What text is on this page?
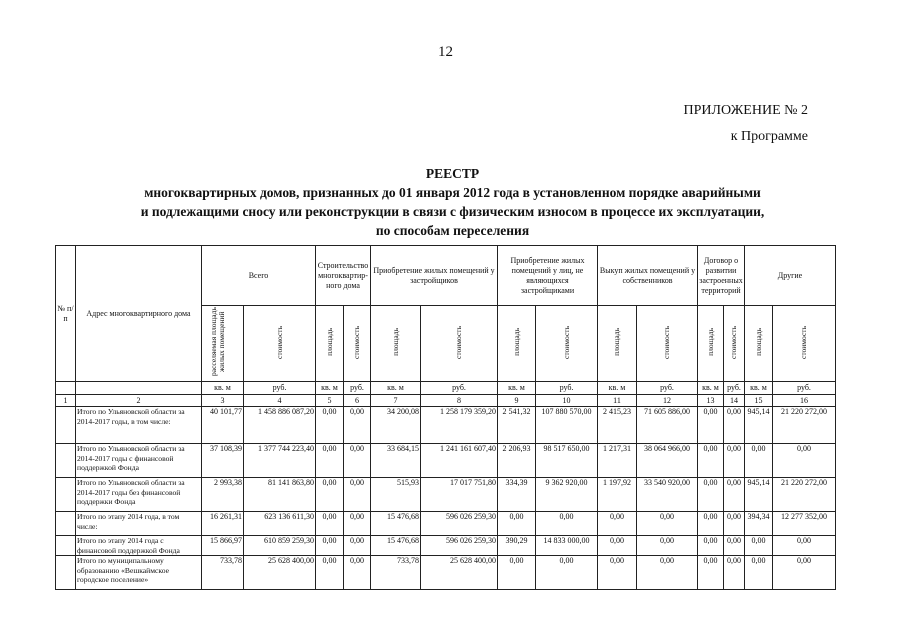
12
ПРИЛОЖЕНИЕ № 2
к Программе
РЕЕСТР
многоквартирных домов, признанных до 01 января 2012 года в установленном порядке аварийными
и подлежащими сносу или реконструкции в связи с физическим износом в процессе их эксплуатации,
по способам переселения
№ п/п	Адрес многоквартирного дома	Всего		Строительство многоквартир-ного дома		Приобретение жилых помещений у застройщиков		Приобретение жилых помещений у лиц, не являющихся застройщиками		Выкуп жилых помещений у собственников		Договор о развитии застроенных территорий		Другие	
		расселяемая площадь жилых помещений	стоимость	площадь	стоимость	площадь	стоимость	площадь	стоимость	площадь	стоимость	площадь	стоимость	площадь	стоимость
		кв. м	руб.	кв. м	руб.	кв. м	руб.	кв. м	руб.	кв. м	руб.	кв. м	руб.	кв. м	руб.
1	2	3	4	5	6	7	8	9	10	11	12	13	14	15	16
	Итого по Ульяновской области за 2014-2017 годы, в том числе:	40 101,77	1 458 886 087,20	0,00	0,00	34 200,08	1 258 179 359,20	2 541,32	107 880 570,00	2 415,23	71 605 886,00	0,00	0,00	945,14	21 220 272,00
	Итого по Ульяновской области за 2014-2017 годы с финансовой поддержкой Фонда	37 108,39	1 377 744 223,40	0,00	0,00	33 684,15	1 241 161 607,40	2 206,93	98 517 650,00	1 217,31	38 064 966,00	0,00	0,00	0,00	0,00
	Итого по Ульяновской области за 2014-2017 годы без финансовой поддержки Фонда	2 993,38	81 141 863,80	0,00	0,00	515,93	17 017 751,80	334,39	9 362 920,00	1 197,92	33 540 920,00	0,00	0,00	945,14	21 220 272,00
	Итого по этапу 2014 года, в том числе:	16 261,31	623 136 611,30	0,00	0,00	15 476,68	596 026 259,30	0,00	0,00	0,00	0,00	0,00	0,00	394,34	12 277 352,00
	Итого по этапу 2014 года с финансовой поддержкой Фонда	15 866,97	610 859 259,30	0,00	0,00	15 476,68	596 026 259,30	390,29	14 833 000,00	0,00	0,00	0,00	0,00	0,00	0,00
	Итого по муниципальному образованию «Вешкаймское городское поселение»	733,78	25 628 400,00	0,00	0,00	733,78	25 628 400,00	0,00	0,00	0,00	0,00	0,00	0,00	0,00	0,00
